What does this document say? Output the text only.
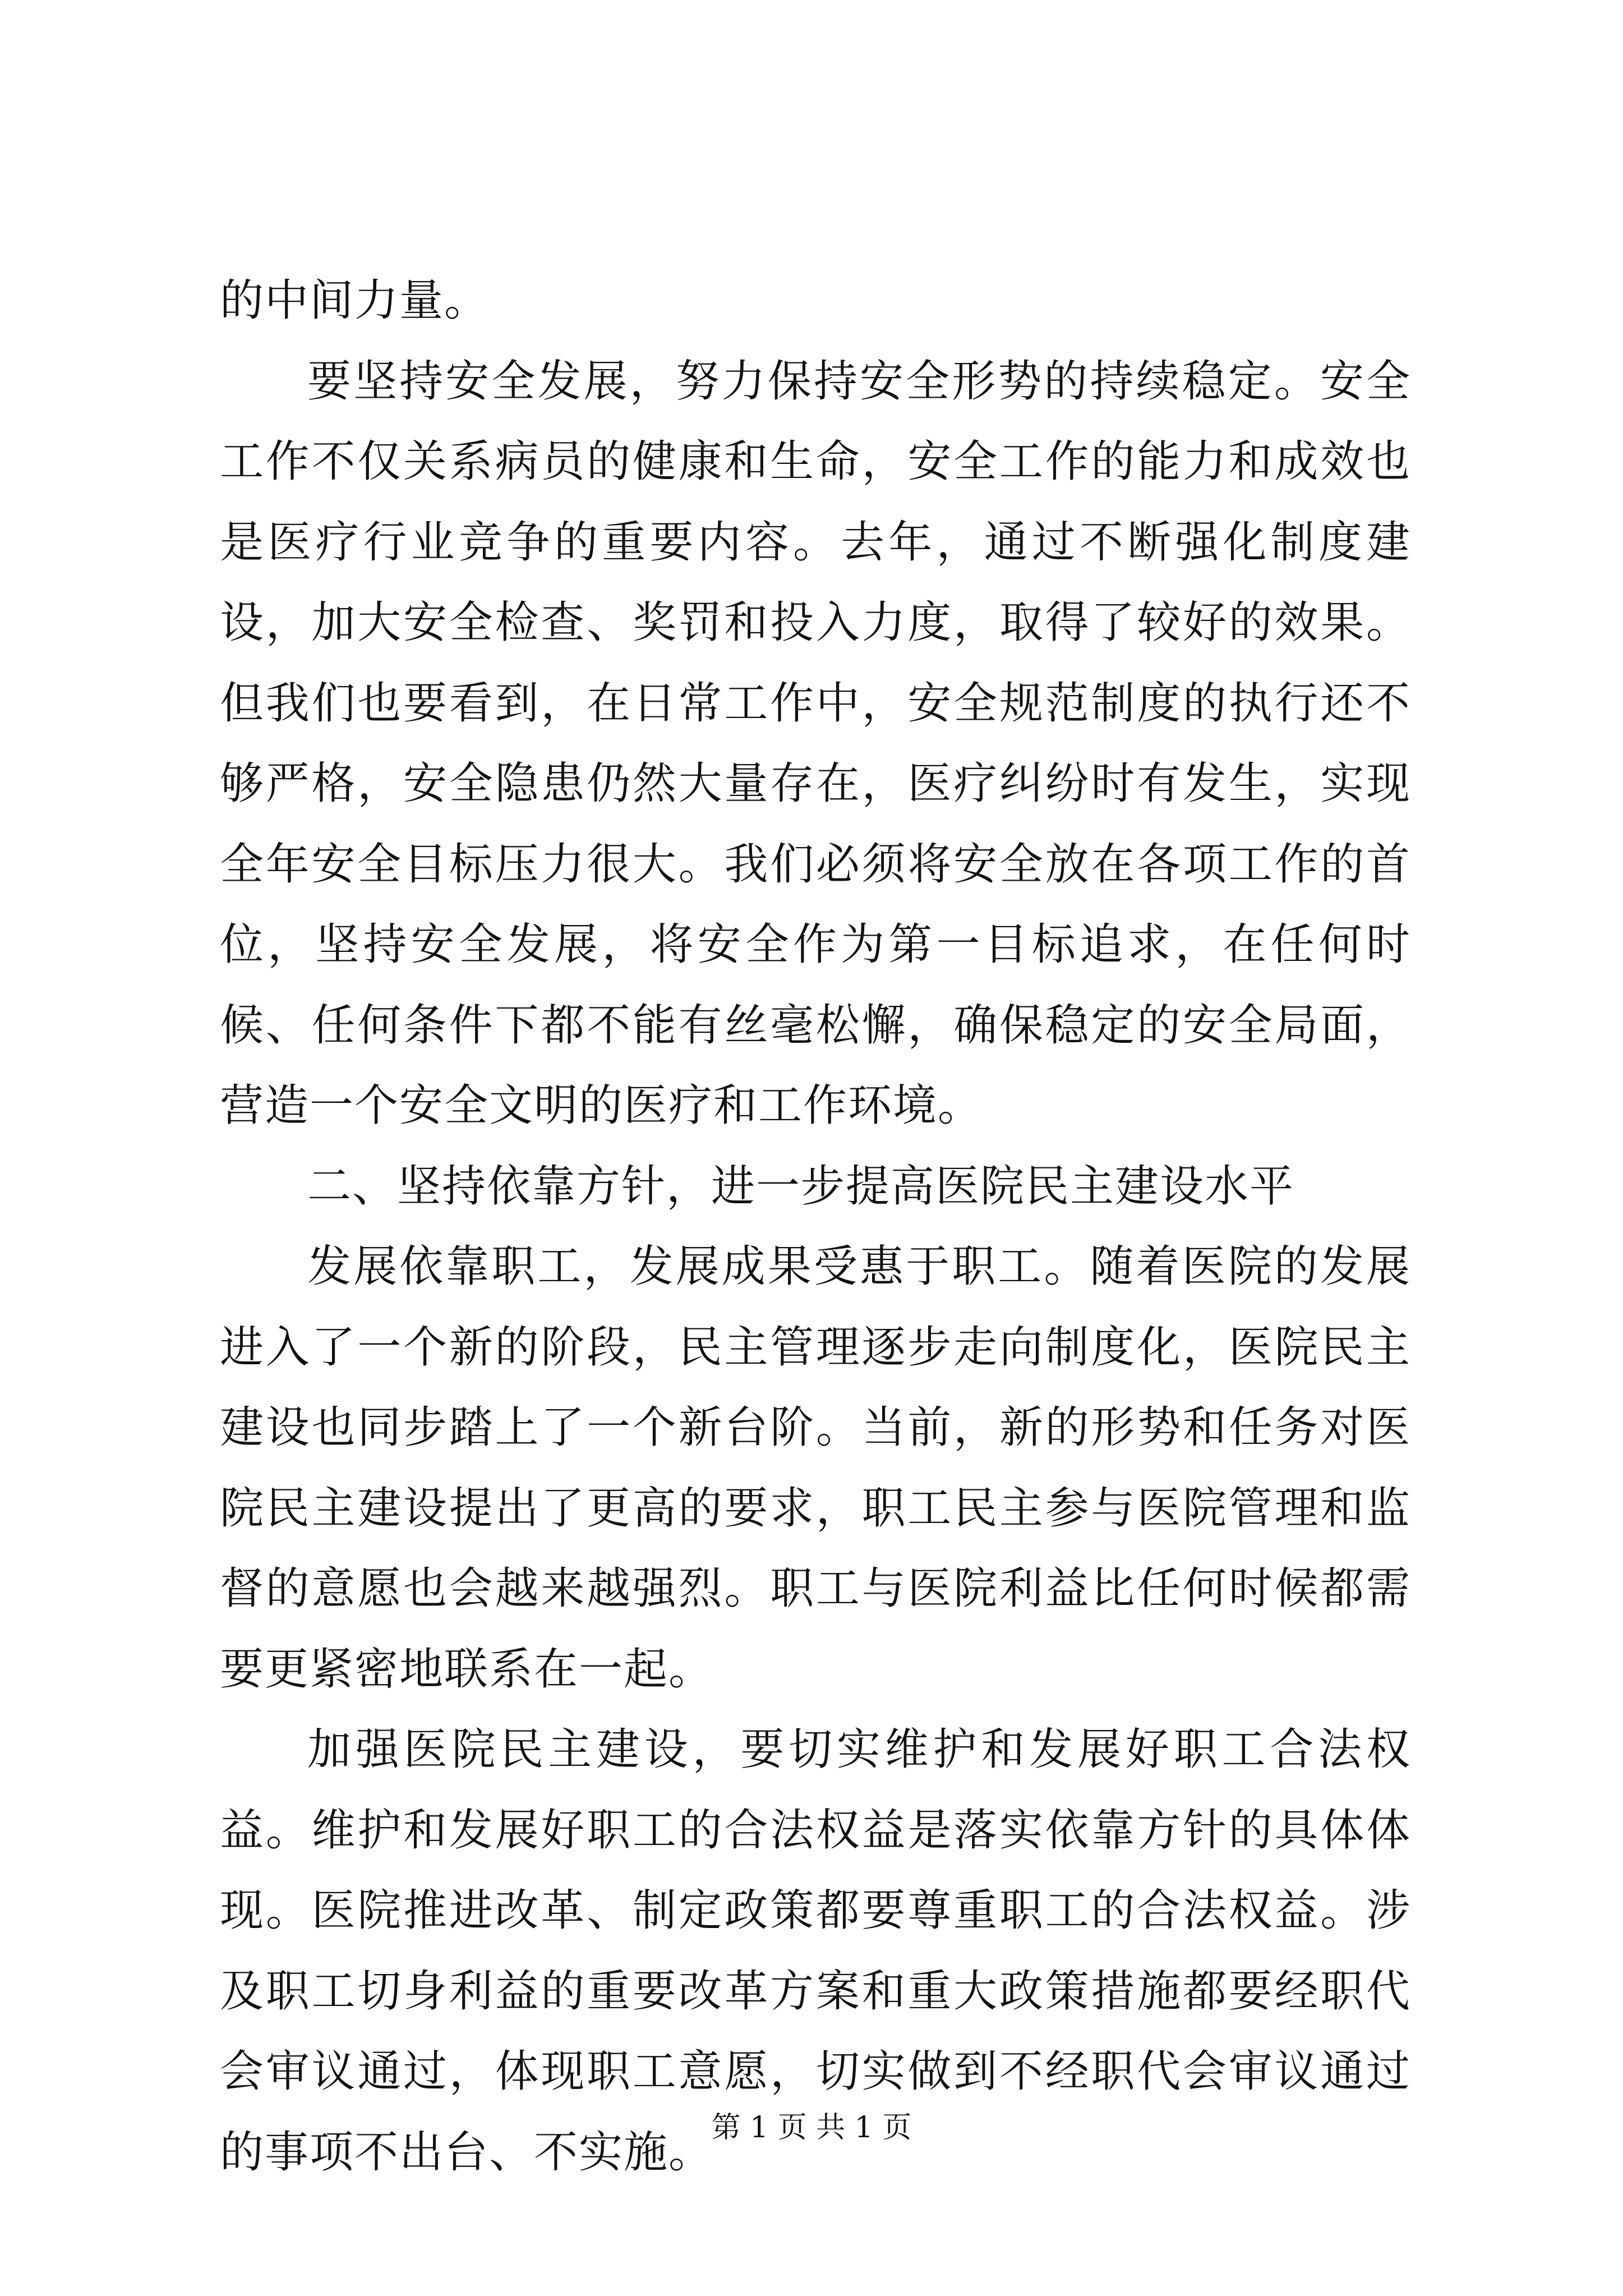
的中间力量。

要坚持安全发展，努力保持安全形势的持续稳定。安全工作不仅关系病员的健康和生命，安全工作的能力和成效也是医疗行业竞争的重要内容。去年，通过不断强化制度建设，加大安全检查、奖罚和投入力度，取得了较好的效果。但我们也要看到，在日常工作中，安全规范制度的执行还不够严格，安全隐患仍然大量存在，医疗纠纷时有发生，实现全年安全目标压力很大。我们必须将安全放在各项工作的首位，坚持安全发展，将安全作为第一目标追求，在任何时候、任何条件下都不能有丝毫松懈，确保稳定的安全局面，营造一个安全文明的医疗和工作环境。

二、坚持依靠方针，进一步提高医院民主建设水平

发展依靠职工，发展成果受惠于职工。随着医院的发展进入了一个新的阶段，民主管理逐步走向制度化，医院民主建设也同步踏上了一个新台阶。当前，新的形势和任务对医院民主建设提出了更高的要求，职工民主参与医院管理和监督的意愿也会越来越强烈。职工与医院利益比任何时候都需要更紧密地联系在一起。

加强医院民主建设，要切实维护和发展好职工合法权益。维护和发展好职工的合法权益是落实依靠方针的具体体现。医院推进改革、制定政策都要尊重职工的合法权益。涉及职工切身利益的重要改革方案和重大政策措施都要经职代会审议通过，体现职工意愿，切实做到不经职代会审议通过的事项不出台、不实施。

第 1 页 共 1 页
